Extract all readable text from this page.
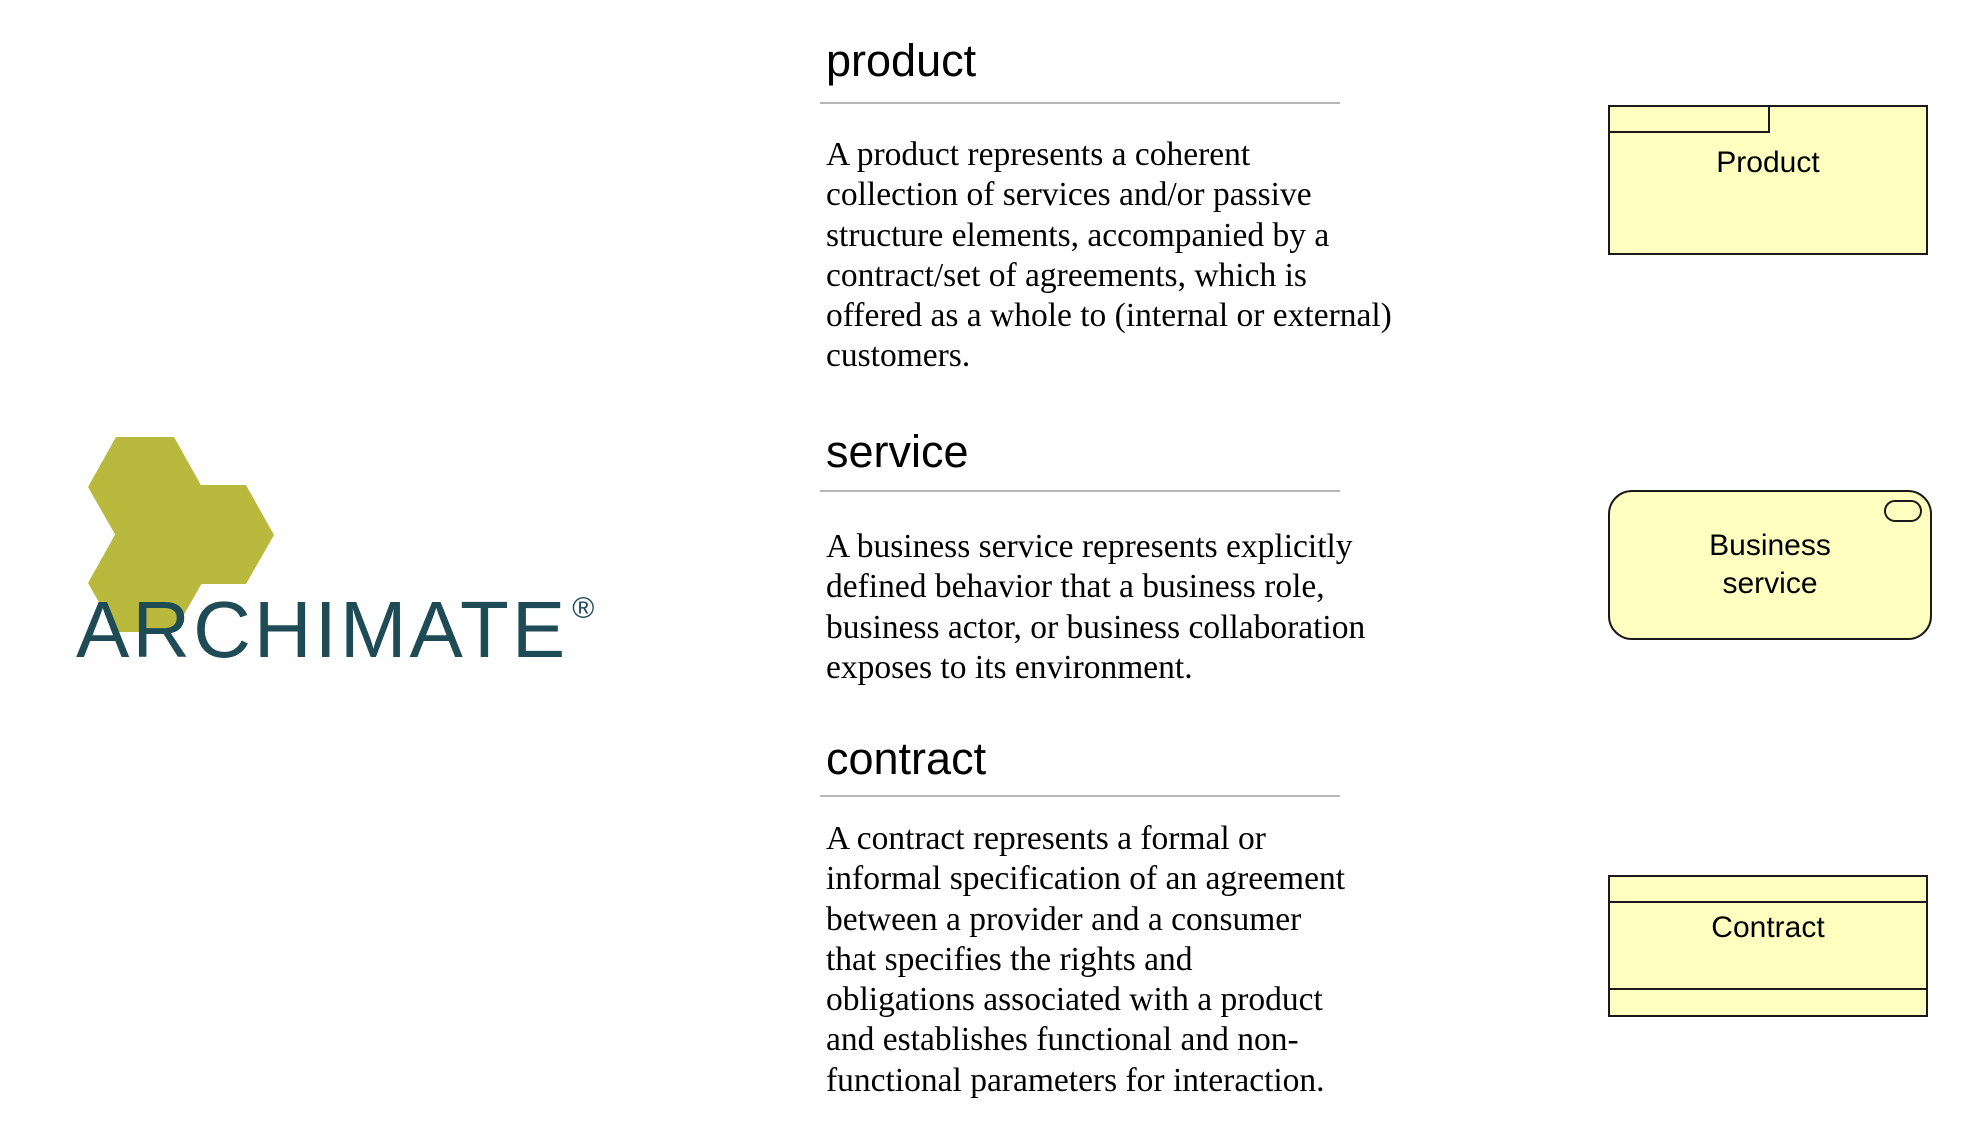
ARCHIMATE ®
product
A product represents a coherent
collection of services and/or passive
structure elements, accompanied by a
contract/set of agreements, which is
offered as a whole to (internal or external)
customers.
Product
service
A business service represents explicitly
defined behavior that a business role,
business actor, or business collaboration
exposes to its environment.
Business
service
contract
A contract represents a formal or
informal specification of an agreement
between a provider and a consumer
that specifies the rights and
obligations associated with a product
and establishes functional and non-
functional parameters for interaction.
Contract
